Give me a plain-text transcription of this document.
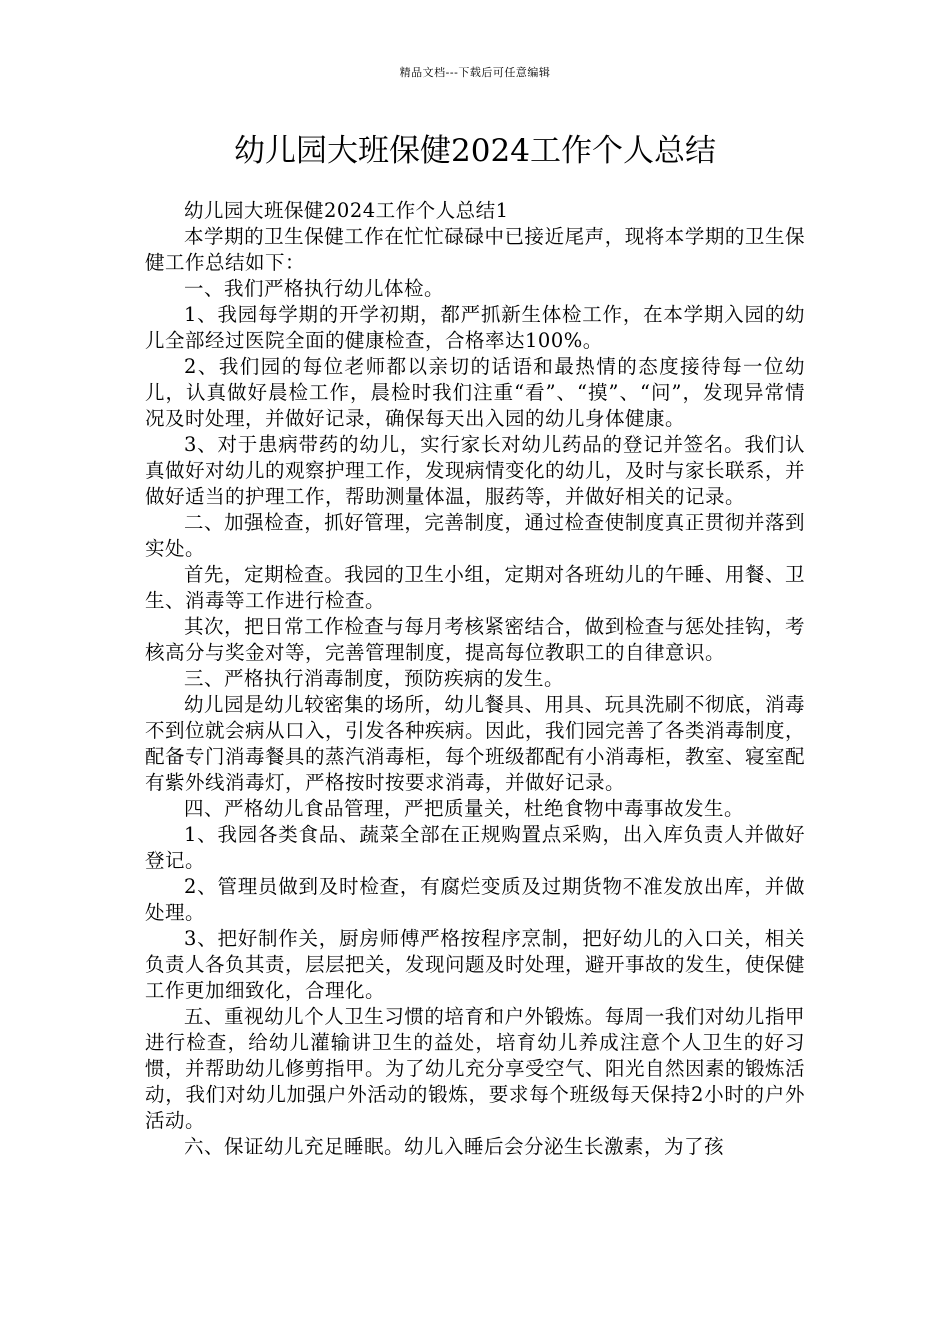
精品文档---下载后可任意编辑
幼儿园大班保健2024工作个人总结

幼儿园大班保健2024工作个人总结1

本学期的卫生保健工作在忙忙碌碌中已接近尾声，现将本学期的卫生保健工作总结如下：

一、我们严格执行幼儿体检。

1、我园每学期的开学初期，都严抓新生体检工作，在本学期入园的幼儿全部经过医院全面的健康检查，合格率达100%。

2、我们园的每位老师都以亲切的话语和最热情的态度接待每一位幼儿，认真做好晨检工作，晨检时我们注重“看”、“摸”、“问”，发现异常情况及时处理，并做好记录，确保每天出入园的幼儿身体健康。

3、对于患病带药的幼儿，实行家长对幼儿药品的登记并签名。我们认真做好对幼儿的观察护理工作，发现病情变化的幼儿，及时与家长联系，并做好适当的护理工作，帮助测量体温，服药等，并做好相关的记录。

二、加强检查，抓好管理，完善制度，通过检查使制度真正贯彻并落到实处。

首先，定期检查。我园的卫生小组，定期对各班幼儿的午睡、用餐、卫生、消毒等工作进行检查。

其次，把日常工作检查与每月考核紧密结合，做到检查与惩处挂钩，考核高分与奖金对等，完善管理制度，提高每位教职工的自律意识。

三、严格执行消毒制度，预防疾病的发生。

幼儿园是幼儿较密集的场所，幼儿餐具、用具、玩具洗刷不彻底，消毒不到位就会病从口入，引发各种疾病。因此，我们园完善了各类消毒制度，配备专门消毒餐具的蒸汽消毒柜，每个班级都配有小消毒柜，教室、寝室配有紫外线消毒灯，严格按时按要求消毒，并做好记录。

四、严格幼儿食品管理，严把质量关，杜绝食物中毒事故发生。

1、我园各类食品、蔬菜全部在正规购置点采购，出入库负责人并做好登记。

2、管理员做到及时检查，有腐烂变质及过期货物不准发放出库，并做处理。

3、把好制作关，厨房师傅严格按程序烹制，把好幼儿的入口关，相关负责人各负其责，层层把关，发现问题及时处理，避开事故的发生，使保健工作更加细致化，合理化。

五、重视幼儿个人卫生习惯的培育和户外锻炼。每周一我们对幼儿指甲进行检查，给幼儿灌输讲卫生的益处，培育幼儿养成注意个人卫生的好习惯，并帮助幼儿修剪指甲。为了幼儿充分享受空气、阳光自然因素的锻炼活动，我们对幼儿加强户外活动的锻炼，要求每个班级每天保持2小时的户外活动。

六、保证幼儿充足睡眠。幼儿入睡后会分泌生长激素，为了孩
